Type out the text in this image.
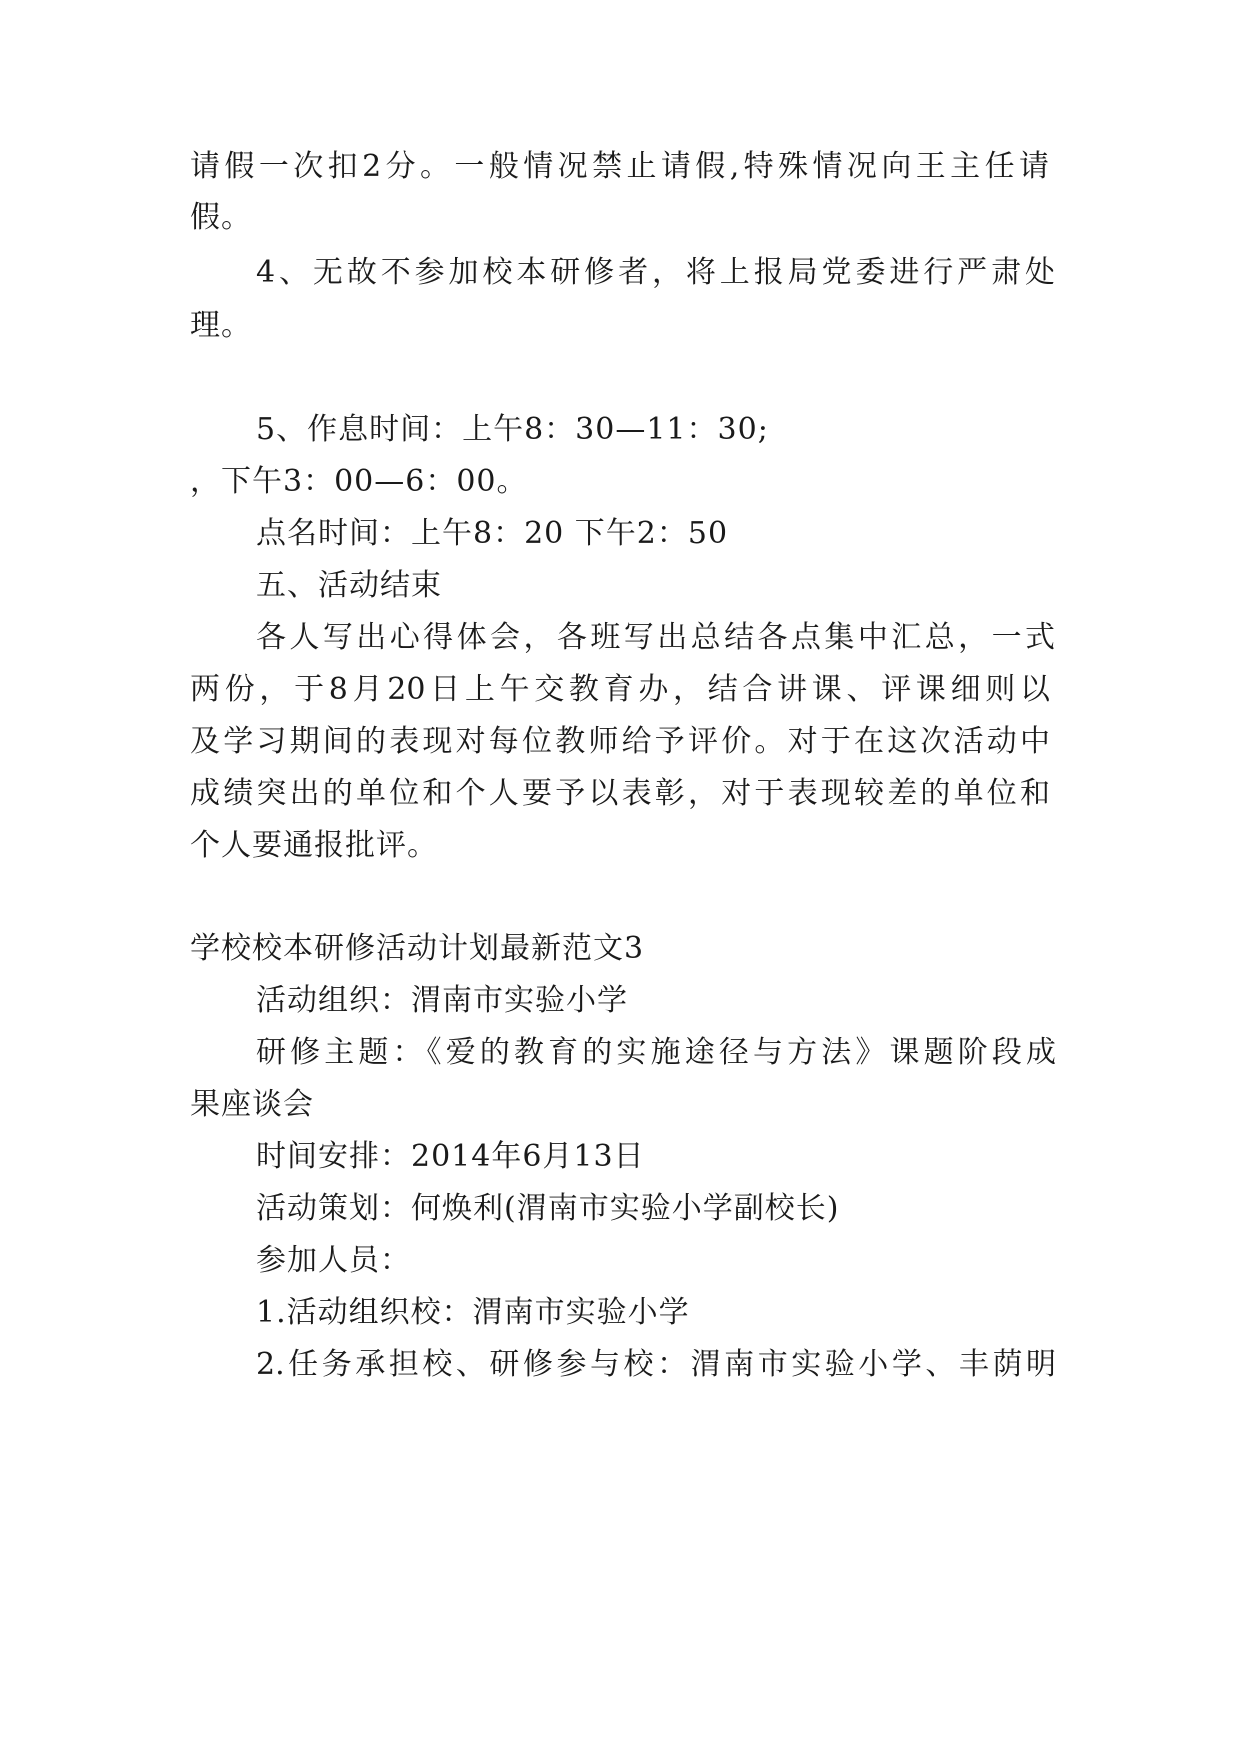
请假一次扣2分。一般情况禁止请假,特殊情况向王主任请
假。
4、无故不参加校本研修者，将上报局党委进行严肃处
理。
5、作息时间：上午8：30—11：30;
，下午3：00—6：00。
点名时间：上午8：20 下午2：50
五、活动结束
各人写出心得体会，各班写出总结各点集中汇总，一式
两份，于8月20日上午交教育办，结合讲课、评课细则以
及学习期间的表现对每位教师给予评价。对于在这次活动中
成绩突出的单位和个人要予以表彰，对于表现较差的单位和
个人要通报批评。
学校校本研修活动计划最新范文3
活动组织：渭南市实验小学
研修主题：《爱的教育的实施途径与方法》课题阶段成
果座谈会
时间安排：2014年6月13日
活动策划：何焕利(渭南市实验小学副校长)
参加人员：
1.活动组织校：渭南市实验小学
2.任务承担校、研修参与校：渭南市实验小学、丰荫明
